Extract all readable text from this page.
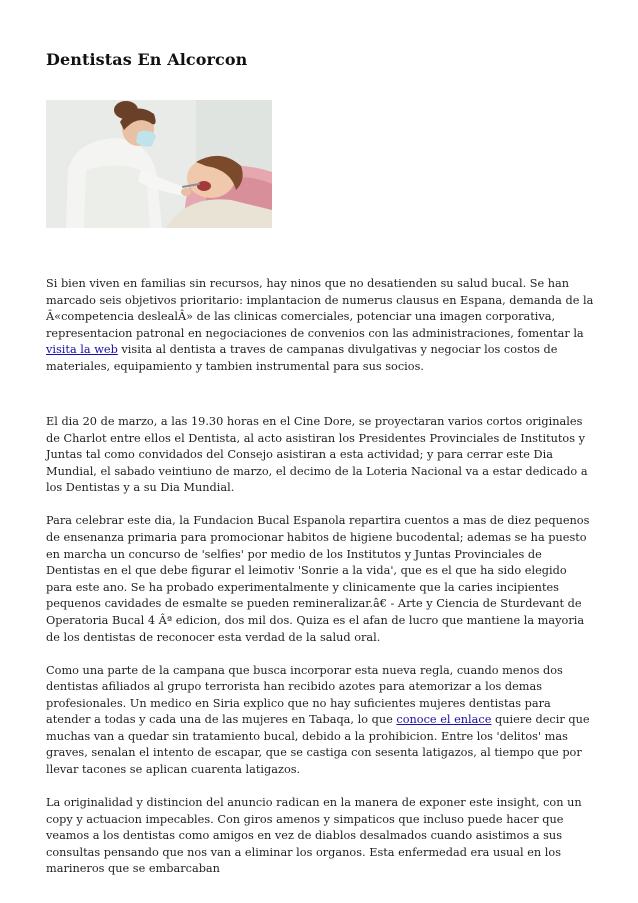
Dentistas En Alcorcon

Si bien viven en familias sin recursos, hay ninos que no desatienden su salud bucal. Se han marcado seis objetivos prioritario: implantacion de numerus clausus en Espana, demanda de la Â«competencia deslealÂ» de las clinicas comerciales, potenciar una imagen corporativa, representacion patronal en negociaciones de convenios con las administraciones, fomentar la visita la web visita al dentista a traves de campanas divulgativas y negociar los costos de materiales, equipamiento y tambien instrumental para sus socios.

El dia 20 de marzo, a las 19.30 horas en el Cine Dore, se proyectaran varios cortos originales de Charlot entre ellos el Dentista, al acto asistiran los Presidentes Provinciales de Institutos y Juntas tal como convidados del Consejo asistiran a esta actividad; y para cerrar este Dia Mundial, el sabado veintiuno de marzo, el decimo de la Loteria Nacional va a estar dedicado a los Dentistas y a su Dia Mundial.

Para celebrar este dia, la Fundacion Bucal Espanola repartira cuentos a mas de diez pequenos de ensenanza primaria para promocionar habitos de higiene bucodental; ademas se ha puesto en marcha un concurso de 'selfies' por medio de los Institutos y Juntas Provinciales de Dentistas en el que debe figurar el leimotiv 'Sonrie a la vida', que es el que ha sido elegido para este ano. Se ha probado experimentalmente y clinicamente que la caries incipientes pequenos cavidades de esmalte se pueden remineralizar.â€ - Arte y Ciencia de Sturdevant de Operatoria Bucal 4 Âª edicion, dos mil dos. Quiza es el afan de lucro que mantiene la mayoria de los dentistas de reconocer esta verdad de la salud oral.

Como una parte de la campana que busca incorporar esta nueva regla, cuando menos dos dentistas afiliados al grupo terrorista han recibido azotes para atemorizar a los demas profesionales. Un medico en Siria explico que no hay suficientes mujeres dentistas para atender a todas y cada una de las mujeres en Tabaqa, lo que conoce el enlace quiere decir que muchas van a quedar sin tratamiento bucal, debido a la prohibicion. Entre los 'delitos' mas graves, senalan el intento de escapar, que se castiga con sesenta latigazos, al tiempo que por llevar tacones se aplican cuarenta latigazos.

La originalidad y distincion del anuncio radican en la manera de exponer este insight, con un copy y actuacion impecables. Con giros amenos y simpaticos que incluso puede hacer que veamos a los dentistas como amigos en vez de diablos desalmados cuando asistimos a sus consultas pensando que nos van a eliminar los organos. Esta enfermedad era usual en los marineros que se embarcaban
